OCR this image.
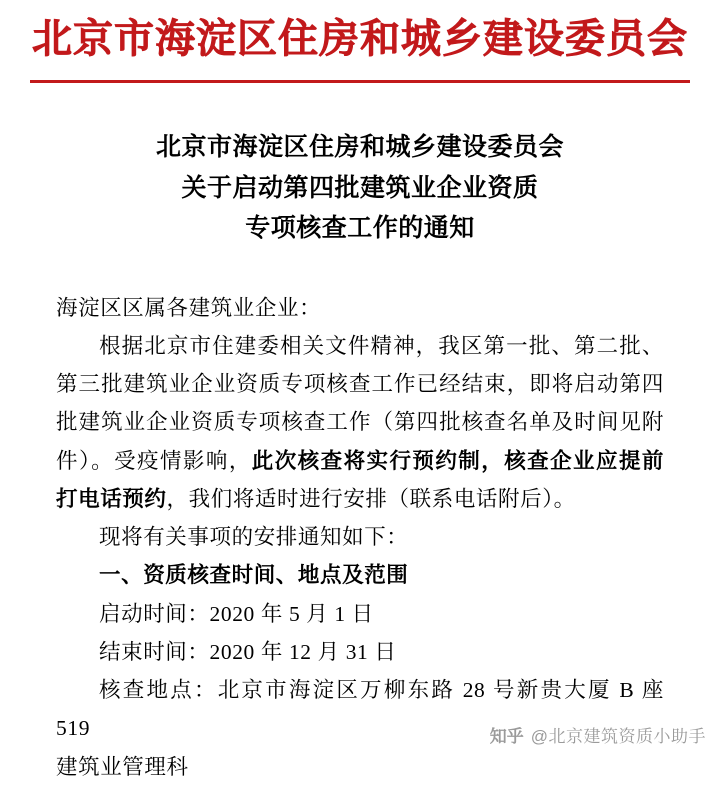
北京市海淀区住房和城乡建设委员会
北京市海淀区住房和城乡建设委员会
关于启动第四批建筑业企业资质
专项核查工作的通知
海淀区区属各建筑业企业：
根据北京市住建委相关文件精神，我区第一批、第二批、第三批建筑业企业资质专项核查工作已经结束，即将启动第四批建筑业企业资质专项核查工作（第四批核查名单及时间见附件）。受疫情影响，此次核查将实行预约制，核查企业应提前打电话预约，我们将适时进行安排（联系电话附后）。
现将有关事项的安排通知如下：
一、资质核查时间、地点及范围
启动时间：2020 年 5 月 1 日
结束时间：2020 年 12 月 31 日
核查地点：北京市海淀区万柳东路 28 号新贵大厦 B 座 519
建筑业管理科
知乎 @北京建筑资质小助手
